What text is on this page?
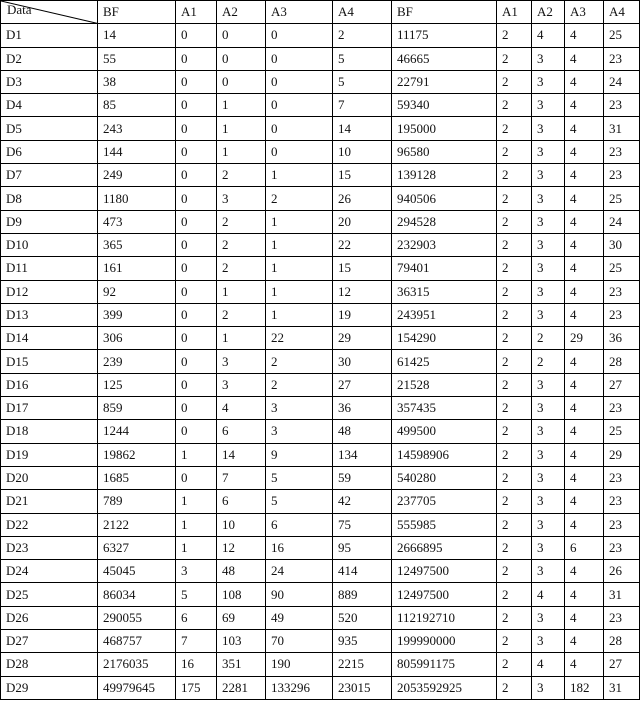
Data	BF	A1	A2	A3	A4	BF	A1	A2	A3	A4
D1	14	0	0	0	2	11175	2	4	4	25
D2	55	0	0	0	5	46665	2	3	4	23
D3	38	0	0	0	5	22791	2	3	4	24
D4	85	0	1	0	7	59340	2	3	4	23
D5	243	0	1	0	14	195000	2	3	4	31
D6	144	0	1	0	10	96580	2	3	4	23
D7	249	0	2	1	15	139128	2	3	4	23
D8	1180	0	3	2	26	940506	2	3	4	25
D9	473	0	2	1	20	294528	2	3	4	24
D10	365	0	2	1	22	232903	2	3	4	30
D11	161	0	2	1	15	79401	2	3	4	25
D12	92	0	1	1	12	36315	2	3	4	23
D13	399	0	2	1	19	243951	2	3	4	23
D14	306	0	1	22	29	154290	2	2	29	36
D15	239	0	3	2	30	61425	2	2	4	28
D16	125	0	3	2	27	21528	2	3	4	27
D17	859	0	4	3	36	357435	2	3	4	23
D18	1244	0	6	3	48	499500	2	3	4	25
D19	19862	1	14	9	134	14598906	2	3	4	29
D20	1685	0	7	5	59	540280	2	3	4	23
D21	789	1	6	5	42	237705	2	3	4	23
D22	2122	1	10	6	75	555985	2	3	4	23
D23	6327	1	12	16	95	2666895	2	3	6	23
D24	45045	3	48	24	414	12497500	2	3	4	26
D25	86034	5	108	90	889	12497500	2	4	4	31
D26	290055	6	69	49	520	112192710	2	3	4	23
D27	468757	7	103	70	935	199990000	2	3	4	28
D28	2176035	16	351	190	2215	805991175	2	4	4	27
D29	49979645	175	2281	133296	23015	2053592925	2	3	182	31
